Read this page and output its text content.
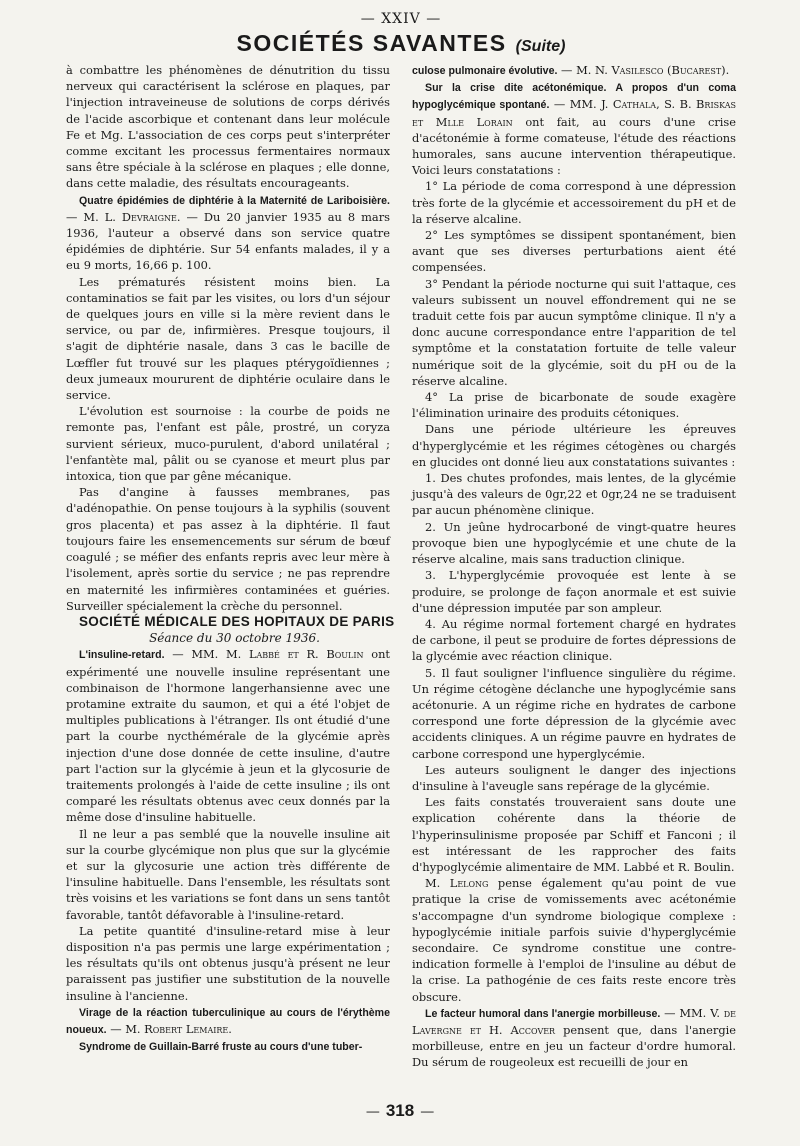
— XXIV —
SOCIÉTÉS SAVANTES (Suite)

à combattre les phénomènes de dénutrition du tissu nerveux qui caractérisent la sclérose en plaques, par l'injection intraveineuse de solutions de corps dérivés de l'acide ascorbique et contenant dans leur molécule Fe et Mg. L'association de ces corps peut s'interpréter comme excitant les processus fermentaires normaux sans être spéciale à la sclérose en plaques ; elle donne, dans cette maladie, des résultats encourageants.

Quatre épidémies de diphtérie à la Maternité de Lariboisière. — M. L. Devraigne. — Du 20 janvier 1935 au 8 mars 1936, l'auteur a observé dans son service quatre épidémies de diphtérie. Sur 54 enfants malades, il y a eu 9 morts, 16,66 p. 100.

Les prématurés résistent moins bien. La contaminatios se fait par les visites, ou lors d'un séjour de quelques jours en ville si la mère revient dans le service, ou par de, infirmières. Presque toujours, il s'agit de diphtérie nasale, dans 3 cas le bacille de Lœffler fut trouvé sur les plaques ptérygoïdiennes ; deux jumeaux moururent de diphtérie oculaire dans le service.

L'évolution est sournoise : la courbe de poids ne remonte pas, l'enfant est pâle, prostré, un coryza survient sérieux, muco-purulent, d'abord unilatéral ; l'enfantète mal, pâlit ou se cyanose et meurt plus par intoxica, tion que par gêne mécanique.

Pas d'angine à fausses membranes, pas d'adénopathie. On pense toujours à la syphilis (souvent gros placenta) et pas assez à la diphtérie. Il faut toujours faire les ensemencements sur sérum de bœuf coagulé ; se méfier des enfants repris avec leur mère à l'isolement, après sortie du service ; ne pas reprendre en maternité les infirmières contaminées et guéries. Surveiller spécialement la crèche du personnel.

SOCIÉTÉ MÉDICALE DES HOPITAUX DE PARIS

Séance du 30 octobre 1936.

L'insuline-retard. — MM. M. Labbé et R. Boulin ont expérimenté une nouvelle insuline représentant une combinaison de l'hormone langerhansienne avec une protamine extraite du saumon, et qui a été l'objet de multiples publications à l'étranger. Ils ont étudié d'une part la courbe nycthémérale de la glycémie après injection d'une dose donnée de cette insuline, d'autre part l'action sur la glycémie à jeun et la glycosurie de traitements prolongés à l'aide de cette insuline ; ils ont comparé les résultats obtenus avec ceux donnés par la même dose d'insuline habituelle.

Il ne leur a pas semblé que la nouvelle insuline ait sur la courbe glycémique non plus que sur la glycémie et sur la glycosurie une action très différente de l'insuline habituelle. Dans l'ensemble, les résultats sont très voisins et les variations se font dans un sens tantôt favorable, tantôt défavorable à l'insuline-retard.

La petite quantité d'insuline-retard mise à leur disposition n'a pas permis une large expérimentation ; les résultats qu'ils ont obtenus jusqu'à présent ne leur paraissent pas justifier une substitution de la nouvelle insuline à l'ancienne.

Virage de la réaction tuberculinique au cours de l'érythème noueux. — M. Robert Lemaire.

Syndrome de Guillain-Barré fruste au cours d'une tuber-

culose pulmonaire évolutive. — M. N. Vasilesco (Bucarest).

Sur la crise dite acétonémique. A propos d'un coma hypoglycémique spontané. — MM. J. Cathala, S. B. Briskas et Mlle Lorain ont fait, au cours d'une crise d'acétonémie à forme comateuse, l'étude des réactions humorales, sans aucune intervention thérapeutique. Voici leurs constatations :

1° La période de coma correspond à une dépression très forte de la glycémie et accessoirement du pH et de la réserve alcaline.

2° Les symptômes se dissipent spontanément, bien avant que ses diverses perturbations aient été compensées.

3° Pendant la période nocturne qui suit l'attaque, ces valeurs subissent un nouvel effondrement qui ne se traduit cette fois par aucun symptôme clinique. Il n'y a donc aucune correspondance entre l'apparition de tel symptôme et la constatation fortuite de telle valeur numérique soit de la glycémie, soit du pH ou de la réserve alcaline.

4° La prise de bicarbonate de soude exagère l'élimination urinaire des produits cétoniques.

Dans une période ultérieure les épreuves d'hyperglycémie et les régimes cétogènes ou chargés en glucides ont donné lieu aux constatations suivantes :

1. Des chutes profondes, mais lentes, de la glycémie jusqu'à des valeurs de 0gr,22 et 0gr,24 ne se traduisent par aucun phénomène clinique.

2. Un jeûne hydrocarboné de vingt-quatre heures provoque bien une hypoglycémie et une chute de la réserve alcaline, mais sans traduction clinique.

3. L'hyperglycémie provoquée est lente à se produire, se prolonge de façon anormale et est suivie d'une dépression imputée par son ampleur.

4. Au régime normal fortement chargé en hydrates de carbone, il peut se produire de fortes dépressions de la glycémie avec réaction clinique.

5. Il faut souligner l'influence singulière du régime. Un régime cétogène déclanche une hypoglycémie sans acétonurie. A un régime riche en hydrates de carbone correspond une forte dépression de la glycémie avec accidents cliniques. A un régime pauvre en hydrates de carbone correspond une hyperglycémie.

Les auteurs soulignent le danger des injections d'insuline à l'aveugle sans repérage de la glycémie.

Les faits constatés trouveraient sans doute une explication cohérente dans la théorie de l'hyperinsulinisme proposée par Schiff et Fanconi ; il est intéressant de les rapprocher des faits d'hypoglycémie alimentaire de MM. Labbé et R. Boulin.

M. Lelong pense également qu'au point de vue pratique la crise de vomissements avec acétonémie s'accompagne d'un syndrome biologique complexe : hypoglycémie initiale parfois suivie d'hyperglycémie secondaire. Ce syndrome constitue une contre-indication formelle à l'emploi de l'insuline au début de la crise. La pathogénie de ces faits reste encore très obscure.

Le facteur humoral dans l'anergie morbilleuse. — MM. V. de Lavergne et H. Accover pensent que, dans l'anergie morbilleuse, entre en jeu un facteur d'ordre humoral. Du sérum de rougeoleux est recueilli de jour en

— 318 —
